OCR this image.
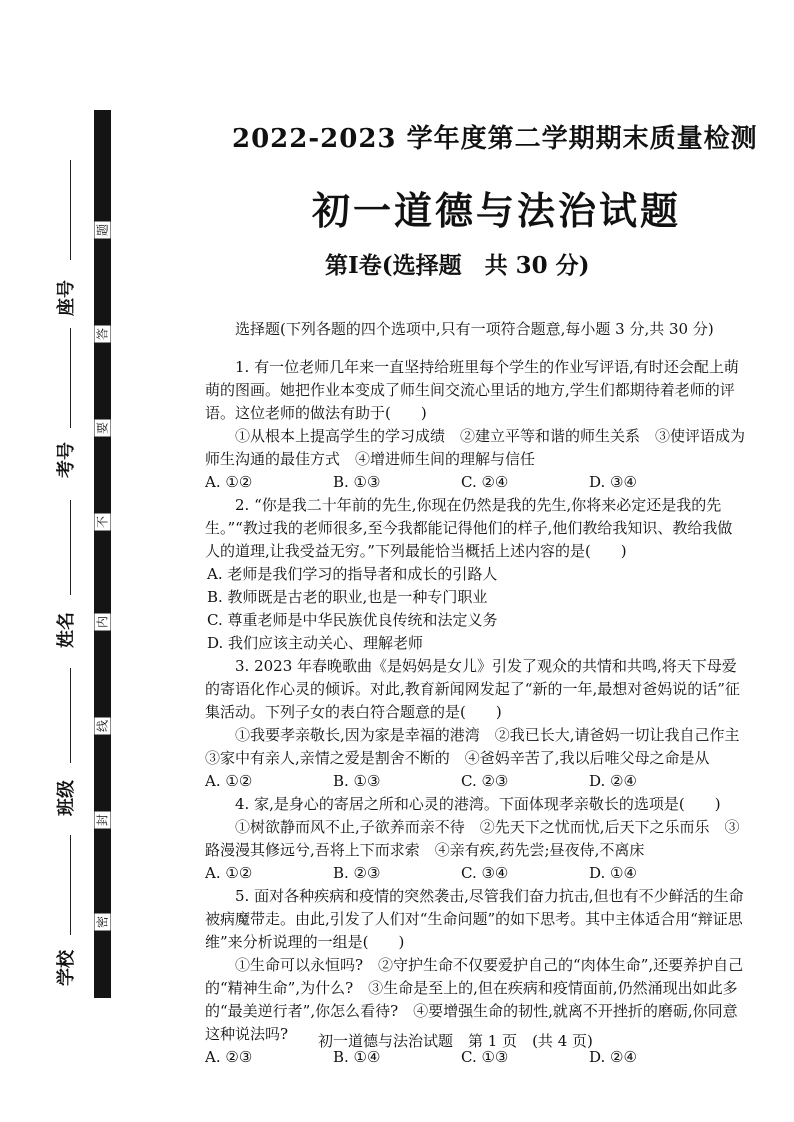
题
答
要
不
内
线
封
密
座号
考号
姓名
班级
学校
2022-2023 学年度第二学期期末质量检测
初一道德与法治试题
第Ⅰ卷(选择题　共 30 分)

选择题(下列各题的四个选项中,只有一项符合题意,每小题 3 分,共 30 分)

1. 有一位老师几年来一直坚持给班里每个学生的作业写评语,有时还会配上萌萌的图画。她把作业本变成了师生间交流心里话的地方,学生们都期待着老师的评语。这位老师的做法有助于(　　)

①从根本上提高学生的学习成绩　②建立平等和谐的师生关系　③使评语成为师生沟通的最佳方式　④增进师生间的理解与信任

A. ①②	B. ①③	C. ②④	D. ③④

2. “你是我二十年前的先生,你现在仍然是我的先生,你将来必定还是我的先生。”“教过我的老师很多,至今我都能记得他们的样子,他们教给我知识、教给我做人的道理,让我受益无穷。”下列最能恰当概括上述内容的是(　　)

A. 老师是我们学习的指导者和成长的引路人
B. 教师既是古老的职业,也是一种专门职业
C. 尊重老师是中华民族优良传统和法定义务
D. 我们应该主动关心、理解老师

3. 2023 年春晚歌曲《是妈妈是女儿》引发了观众的共情和共鸣,将天下母爱的寄语化作心灵的倾诉。对此,教育新闻网发起了“新的一年,最想对爸妈说的话”征集活动。下列子女的表白符合题意的是(　　)

①我要孝亲敬长,因为家是幸福的港湾　②我已长大,请爸妈一切让我自己作主　③家中有亲人,亲情之爱是割舍不断的　④爸妈辛苦了,我以后唯父母之命是从

A. ①②	B. ①③	C. ②③	D. ②④

4. 家,是身心的寄居之所和心灵的港湾。下面体现孝亲敬长的选项是(　　)

①树欲静而风不止,子欲养而亲不待　②先天下之忧而忧,后天下之乐而乐　③路漫漫其修远兮,吾将上下而求索　④亲有疾,药先尝;昼夜侍,不离床

A. ①②	B. ②③	C. ③④	D. ①④

5. 面对各种疾病和疫情的突然袭击,尽管我们奋力抗击,但也有不少鲜活的生命被病魔带走。由此,引发了人们对“生命问题”的如下思考。其中主体适合用“辩证思维”来分析说理的一组是(　　)

①生命可以永恒吗?　②守护生命不仅要爱护自己的“肉体生命”,还要养护自己的“精神生命”,为什么?　③生命是至上的,但在疾病和疫情面前,仍然涌现出如此多的“最美逆行者”,你怎么看待?　④要增强生命的韧性,就离不开挫折的磨砺,你同意这种说法吗?

A. ②③	B. ①④	C. ①③	D. ②④
初一道德与法治试题　第 1 页　(共 4 页)
